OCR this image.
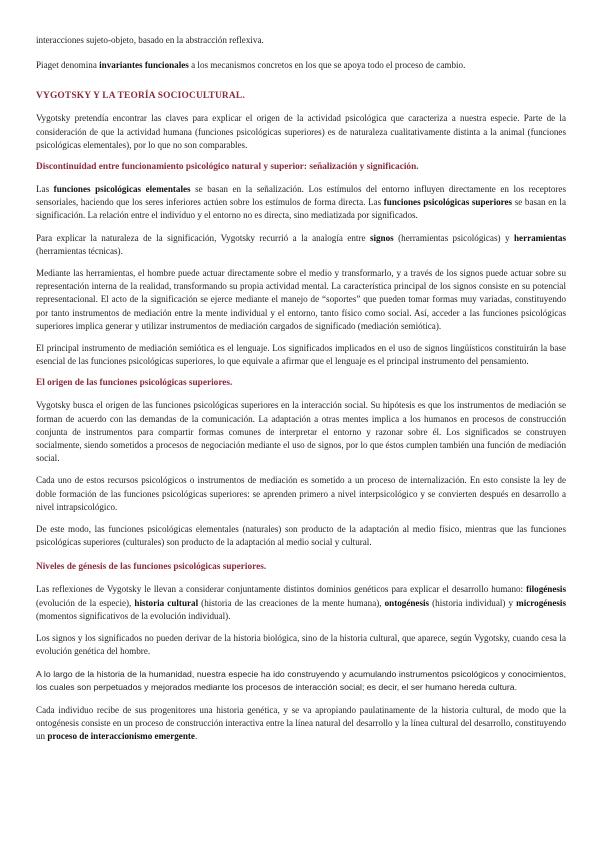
interacciones sujeto-objeto, basado en la abstracción reflexiva.

Piaget denomina invariantes funcionales a los mecanismos concretos en los que se apoya todo el proceso de cambio.

VYGOTSKY Y LA TEORÍA SOCIOCULTURAL.

Vygotsky pretendía encontrar las claves para explicar el origen de la actividad psicológica que caracteriza a nuestra especie. Parte de la consideración de que la actividad humana (funciones psicológicas superiores) es de naturaleza cualitativamente distinta a la animal (funciones psicológicas elementales), por lo que no son comparables.

Discontinuidad entre funcionamiento psicológico natural y superior: señalización y significación.

Las funciones psicológicas elementales se basan en la señalización. Los estímulos del entorno influyen directamente en los receptores sensoriales, haciendo que los seres inferiores actúen sobre los estímulos de forma directa. Las funciones psicológicas superiores se basan en la significación. La relación entre el individuo y el entorno no es directa, sino mediatizada por significados.

Para explicar la naturaleza de la significación, Vygotsky recurrió a la analogía entre signos (herramientas psicológicas) y herramientas (herramientas técnicas).

Mediante las herramientas, el hombre puede actuar directamente sobre el medio y transformarlo, y a través de los signos puede actuar sobre su representación interna de la realidad, transformando su propia actividad mental. La característica principal de los signos consiste en su potencial representacional. El acto de la significación se ejerce mediante el manejo de “soportes” que pueden tomar formas muy variadas, constituyendo por tanto instrumentos de mediación entre la mente individual y el entorno, tanto físico como social. Así, acceder a las funciones psicológicas superiores implica generar y utilizar instrumentos de mediación cargados de significado (mediación semiótica).

El principal instrumento de mediación semiótica es el lenguaje. Los significados implicados en el uso de signos lingüísticos constituirán la base esencial de las funciones psicológicas superiores, lo que equivale a afirmar que el lenguaje es el principal instrumento del pensamiento.

El origen de las funciones psicológicas superiores.

Vygotsky busca el origen de las funciones psicológicas superiores en la interacción social. Su hipótesis es que los instrumentos de mediación se forman de acuerdo con las demandas de la comunicación. La adaptación a otras mentes implica a los humanos en procesos de construcción conjunta de instrumentos para compartir formas comunes de interpretar el entorno y razonar sobre él. Los significados se construyen socialmente, siendo sometidos a procesos de negociación mediante el uso de signos, por lo que éstos cumplen también una función de mediación social.

Cada uno de estos recursos psicológicos o instrumentos de mediación es sometido a un proceso de internalización. En esto consiste la ley de doble formación de las funciones psicológicas superiores: se aprenden primero a nivel interpsicológico y se convierten después en desarrollo a nivel intrapsicológico.

De este modo, las funciones psicológicas elementales (naturales) son producto de la adaptación al medio físico, mientras que las funciones psicológicas superiores (culturales) son producto de la adaptación al medio social y cultural.

Niveles de génesis de las funciones psicológicas superiores.

Las reflexiones de Vygotsky le llevan a considerar conjuntamente distintos dominios genéticos para explicar el desarrollo humano: filogénesis (evolución de la especie), historia cultural (historia de las creaciones de la mente humana), ontogénesis (historia individual) y microgénesis (momentos significativos de la evolución individual).

Los signos y los significados no pueden derivar de la historia biológica, sino de la historia cultural, que aparece, según Vygotsky, cuando cesa la evolución genética del hombre.

A lo largo de la historia de la humanidad, nuestra especie ha ido construyendo y acumulando instrumentos psicológicos y conocimientos, los cuales son perpetuados y mejorados mediante los procesos de interacción social; es decir, el ser humano hereda cultura.

Cada individuo recibe de sus progenitores una historia genética, y se va apropiando paulatinamente de la historia cultural, de modo que la ontogénesis consiste en un proceso de construcción interactiva entre la línea natural del desarrollo y la línea cultural del desarrollo, constituyendo un proceso de interaccionismo emergente.
